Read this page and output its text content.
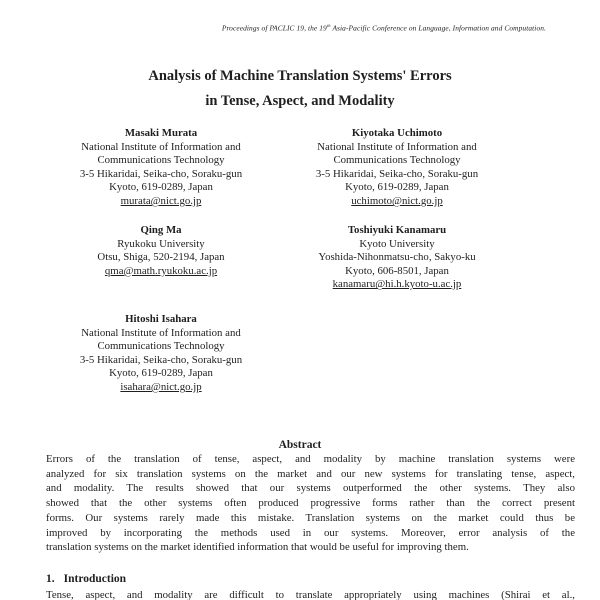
Proceedings of PACLIC 19, the 19th Asia-Pacific Conference on Language, Information and Computation.
Analysis of Machine Translation Systems' Errors
in Tense, Aspect, and Modality
Masaki Murata
National Institute of Information and
Communications Technology
3-5 Hikaridai, Seika-cho, Soraku-gun
Kyoto, 619-0289, Japan
murata@nict.go.jp
Kiyotaka Uchimoto
National Institute of Information and
Communications Technology
3-5 Hikaridai, Seika-cho, Soraku-gun
Kyoto, 619-0289, Japan
uchimoto@nict.go.jp
Qing Ma
Ryukoku University
Otsu, Shiga, 520-2194, Japan
qma@math.ryukoku.ac.jp
Toshiyuki Kanamaru
Kyoto University
Yoshida-Nihonmatsu-cho, Sakyo-ku
Kyoto, 606-8501, Japan
kanamaru@hi.h.kyoto-u.ac.jp
Hitoshi Isahara
National Institute of Information and
Communications Technology
3-5 Hikaridai, Seika-cho, Soraku-gun
Kyoto, 619-0289, Japan
isahara@nict.go.jp
Abstract
Errors of the translation of tense, aspect, and modality by machine translation systems were
analyzed for six translation systems on the market and our new systems for translating tense, aspect,
and modality. The results showed that our systems outperformed the other systems. They also
showed that the other systems often produced progressive forms rather than the correct present
forms. Our systems rarely made this mistake. Translation systems on the market could thus be
improved by incorporating the methods used in our systems. Moreover, error analysis of the
translation systems on the market identified information that would be useful for improving them.
1. Introduction
Tense, aspect, and modality are difficult to translate appropriately using machines (Shirai et al.,
